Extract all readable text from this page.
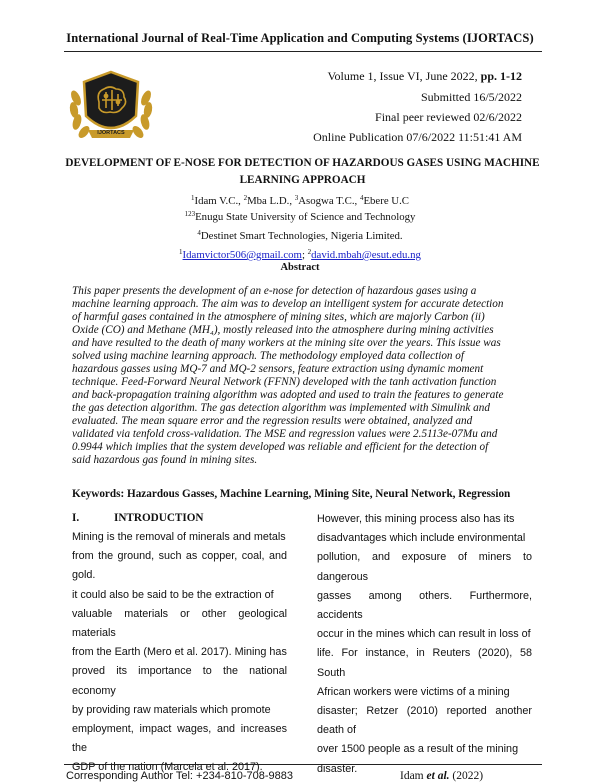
International Journal of Real-Time Application and Computing Systems (IJORTACS)
IJORTACS
Volume 1, Issue VI, June 2022, pp. 1-12
Submitted 16/5/2022
Final peer reviewed 02/6/2022
Online Publication 07/6/2022 11:51:41 AM
DEVELOPMENT OF E-NOSE FOR DETECTION OF HAZARDOUS GASES USING MACHINE
LEARNING APPROACH
$^1$Idam V.C., $^2$Mba L.D., $^3$Asogwa T.C., $^4$Ebere U.C
$^{123}$Enugu State University of Science and Technology
$^4$Destinet Smart Technologies, Nigeria Limited.
$^1$Idamvictor506@gmail.com; $^2$david.mbah@esut.edu.ng
Abstract
This paper presents the development of an e-nose for detection of hazardous gases using a
machine learning approach. The aim was to develop an intelligent system for accurate detection
of harmful gases contained in the atmosphere of mining sites, which are majorly Carbon (ii)
Oxide (CO) and Methane (MH₄), mostly released into the atmosphere during mining activities
and have resulted to the death of many workers at the mining site over the years. This issue was
solved using machine learning approach. The methodology employed data collection of
hazardous gasses using MQ-7 and MQ-2 sensors, feature extraction using dynamic moment
technique. Feed-Forward Neural Network (FFNN) developed with the tanh activation function
and back-propagation training algorithm was adopted and used to train the features to generate
the gas detection algorithm. The gas detection algorithm was implemented with Simulink and
evaluated. The mean square error and the regression results were obtained, analyzed and
validated via tenfold cross-validation. The MSE and regression values were 2.5113e-07Mu and
0.9944 which implies that the system developed was reliable and efficient for the detection of
said hazardous gas found in mining sites.
Keywords: Hazardous Gasses, Machine Learning, Mining Site, Neural Network, Regression
I.	INTRODUCTION
Mining is the removal of minerals and metals
from the ground, such as copper, coal, and gold.
it could also be said to be the extraction of
valuable materials or other geological materials
from the Earth (Mero et al. 2017). Mining has
proved its importance to the national economy
by providing raw materials which promote
employment, impact wages, and increases the
GDP of the nation (Marcela et al. 2017).
However, this mining process also has its
disadvantages which include environmental
pollution, and exposure of miners to dangerous
gasses among others. Furthermore, accidents
occur in the mines which can result in loss of
life. For instance, in Reuters (2020), 58 South
African workers were victims of a mining
disaster; Retzer (2010) reported another death of
over 1500 people as a result of the mining
disaster.
Corresponding Author Tel: +234-810-708-9883	Idam et al. (2022)
